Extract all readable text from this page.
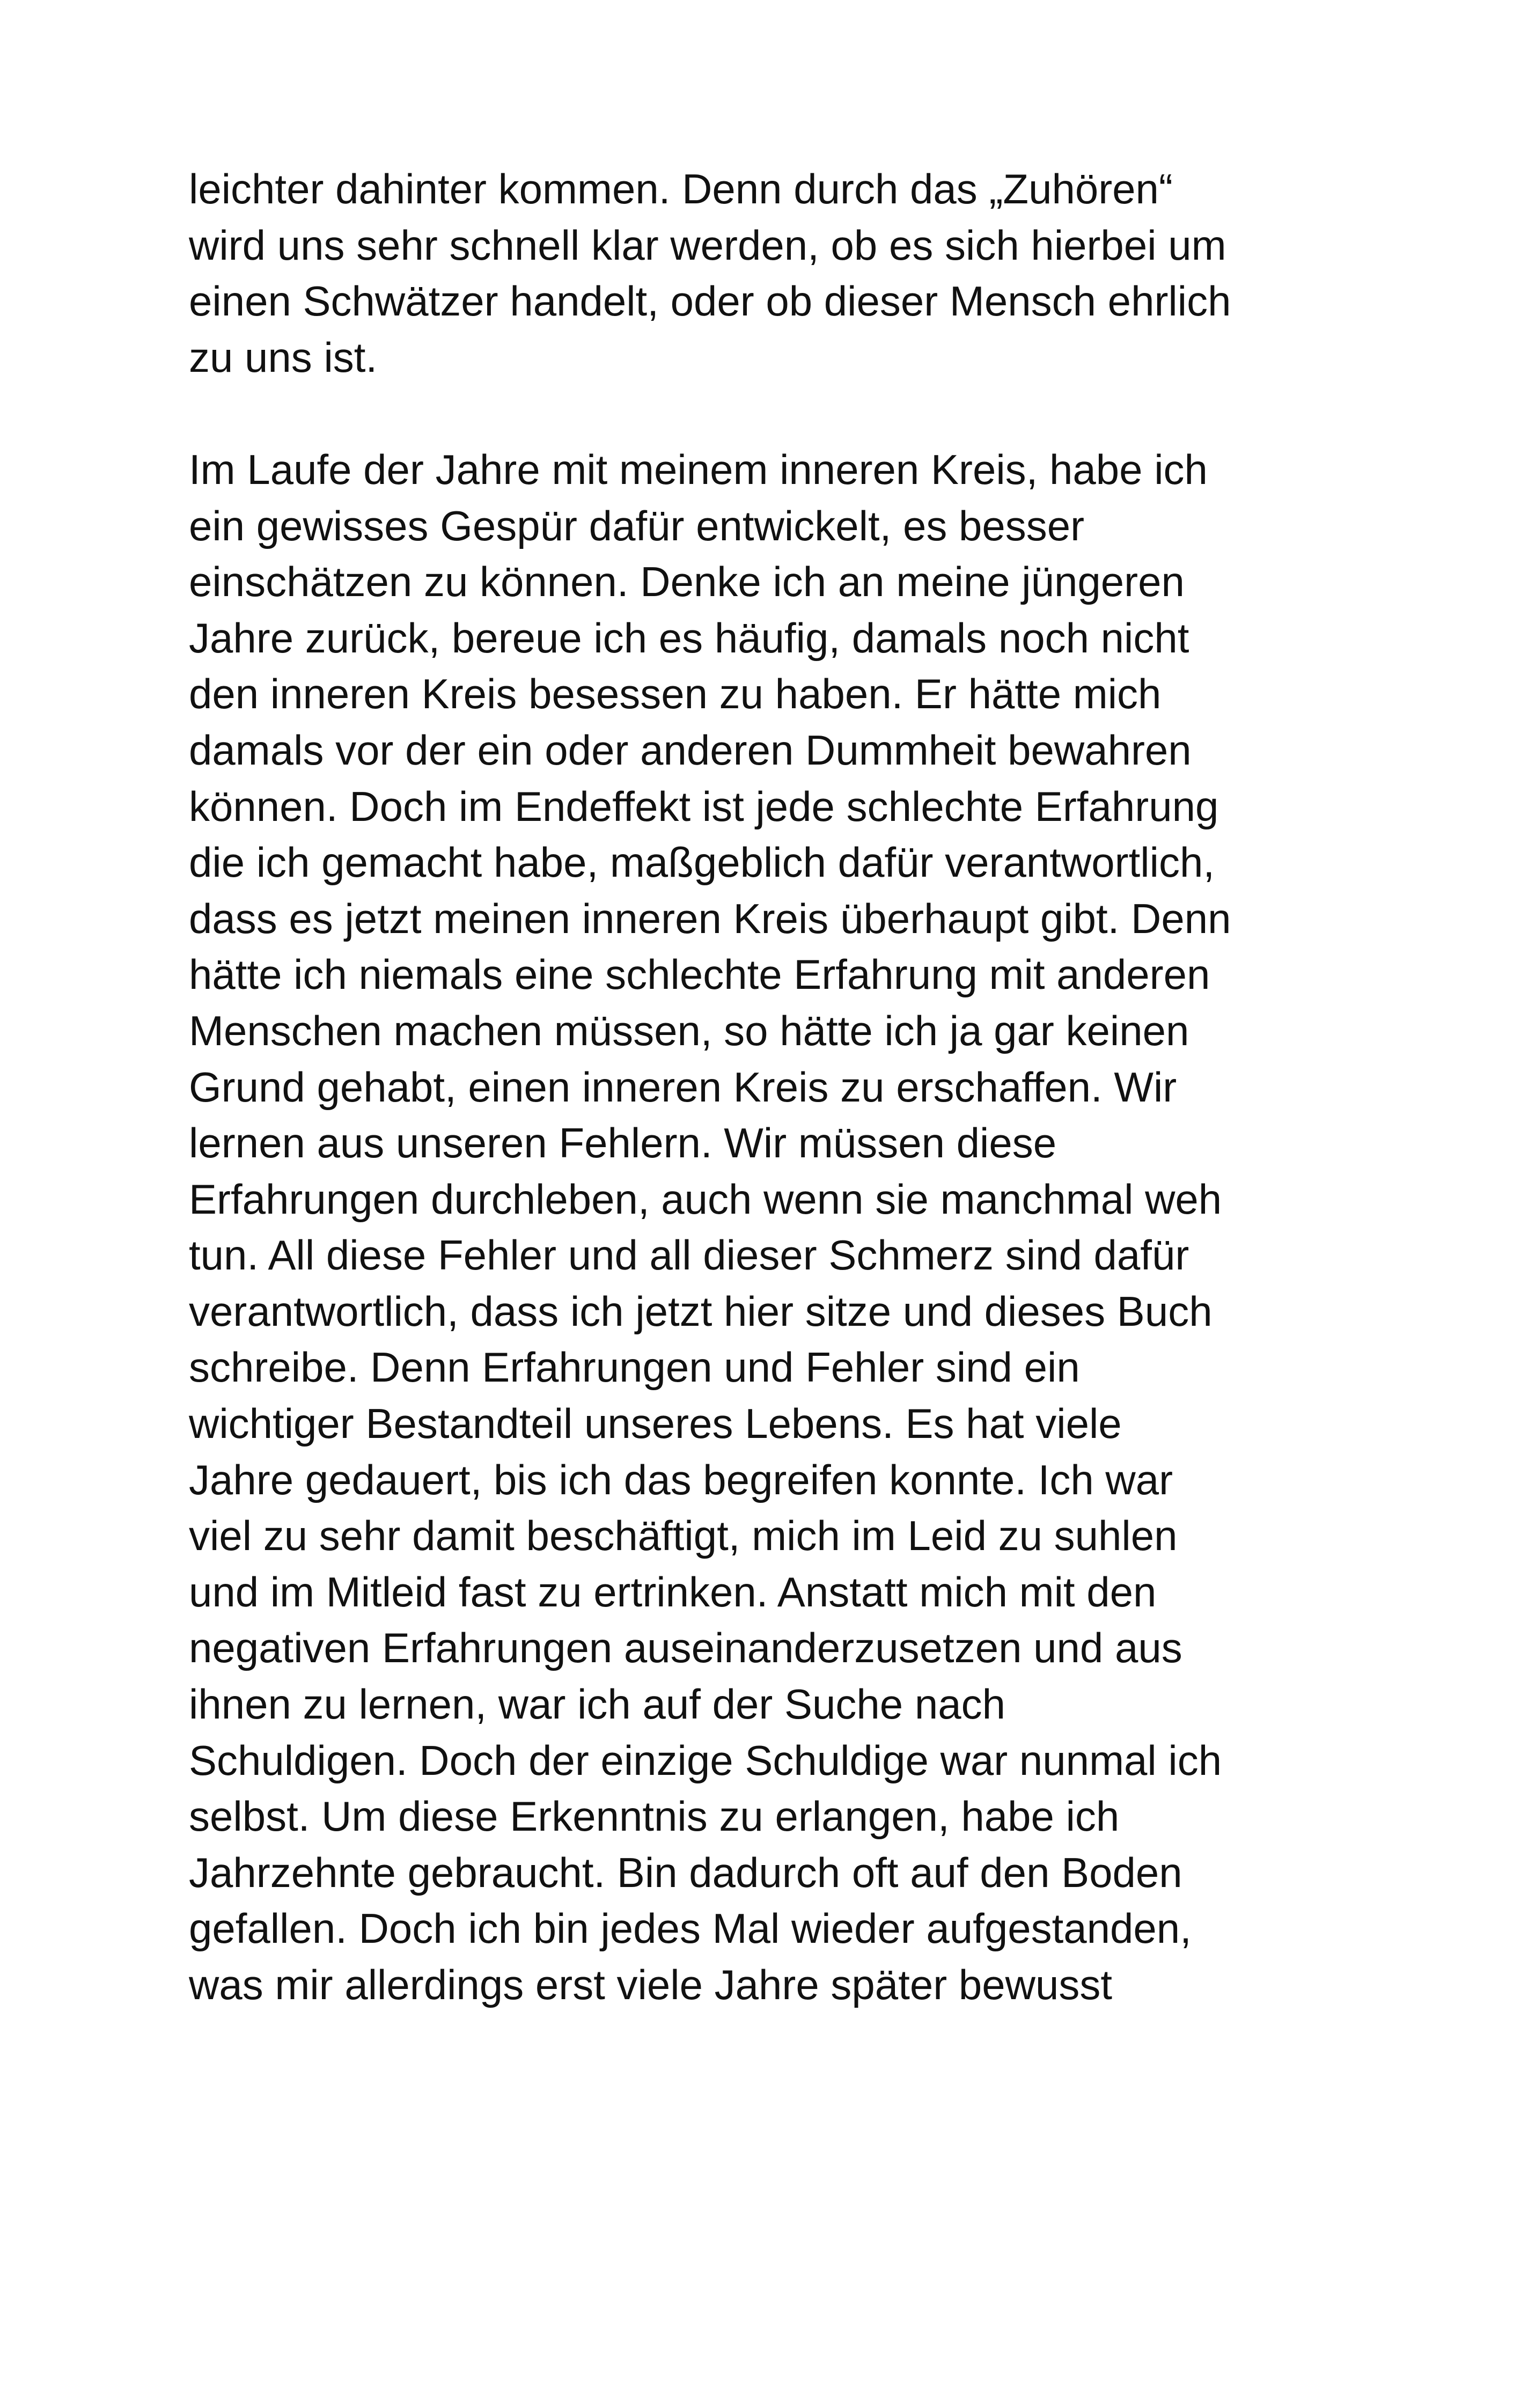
leichter dahinter kommen. Denn durch das „Zuhören“
wird uns sehr schnell klar werden, ob es sich hierbei um
einen Schwätzer handelt, oder ob dieser Mensch ehrlich
zu uns ist.
Im Laufe der Jahre mit meinem inneren Kreis, habe ich
ein gewisses Gespür dafür entwickelt, es besser
einschätzen zu können. Denke ich an meine jüngeren
Jahre zurück, bereue ich es häufig, damals noch nicht
den inneren Kreis besessen zu haben. Er hätte mich
damals vor der ein oder anderen Dummheit bewahren
können. Doch im Endeffekt ist jede schlechte Erfahrung
die ich gemacht habe, maßgeblich dafür verantwortlich,
dass es jetzt meinen inneren Kreis überhaupt gibt. Denn
hätte ich niemals eine schlechte Erfahrung mit anderen
Menschen machen müssen, so hätte ich ja gar keinen
Grund gehabt, einen inneren Kreis zu erschaffen. Wir
lernen aus unseren Fehlern. Wir müssen diese
Erfahrungen durchleben, auch wenn sie manchmal weh
tun. All diese Fehler und all dieser Schmerz sind dafür
verantwortlich, dass ich jetzt hier sitze und dieses Buch
schreibe. Denn Erfahrungen und Fehler sind ein
wichtiger Bestandteil unseres Lebens. Es hat viele
Jahre gedauert, bis ich das begreifen konnte. Ich war
viel zu sehr damit beschäftigt, mich im Leid zu suhlen
und im Mitleid fast zu ertrinken. Anstatt mich mit den
negativen Erfahrungen auseinanderzusetzen und aus
ihnen zu lernen, war ich auf der Suche nach
Schuldigen. Doch der einzige Schuldige war nunmal ich
selbst. Um diese Erkenntnis zu erlangen, habe ich
Jahrzehnte gebraucht. Bin dadurch oft auf den Boden
gefallen. Doch ich bin jedes Mal wieder aufgestanden,
was mir allerdings erst viele Jahre später bewusst
